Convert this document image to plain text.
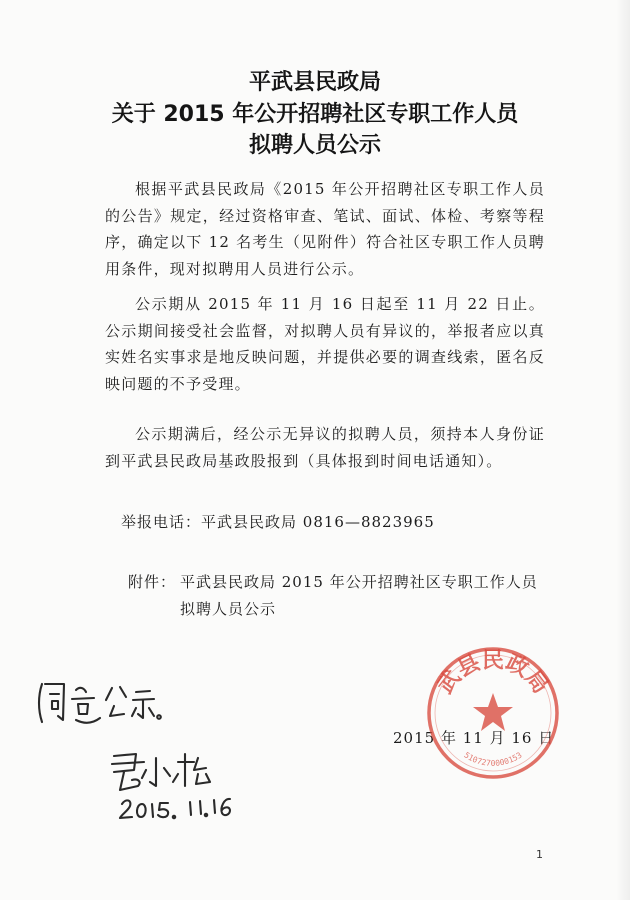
平武县民政局
关于 2015 年公开招聘社区专职工作人员
拟聘人员公示

根据平武县民政局《2015 年公开招聘社区专职工作人员的公告》规定，经过资格审查、笔试、面试、体检、考察等程序，确定以下 12 名考生（见附件）符合社区专职工作人员聘用条件，现对拟聘用人员进行公示。

公示期从 2015 年 11 月 16 日起至 11 月 22 日止。公示期间接受社会监督，对拟聘人员有异议的，举报者应以真实姓名实事求是地反映问题，并提供必要的调查线索，匿名反映问题的不予受理。

公示期满后，经公示无异议的拟聘人员，须持本人身份证到平武县民政局基政股报到（具体报到时间电话通知）。

举报电话：平武县民政局 0816—8823965
附件： 平武县民政局 2015 年公开招聘社区专职工作人员拟聘人员公示

2015 年 11 月 16 日
武县民政局
5107270000153
1
